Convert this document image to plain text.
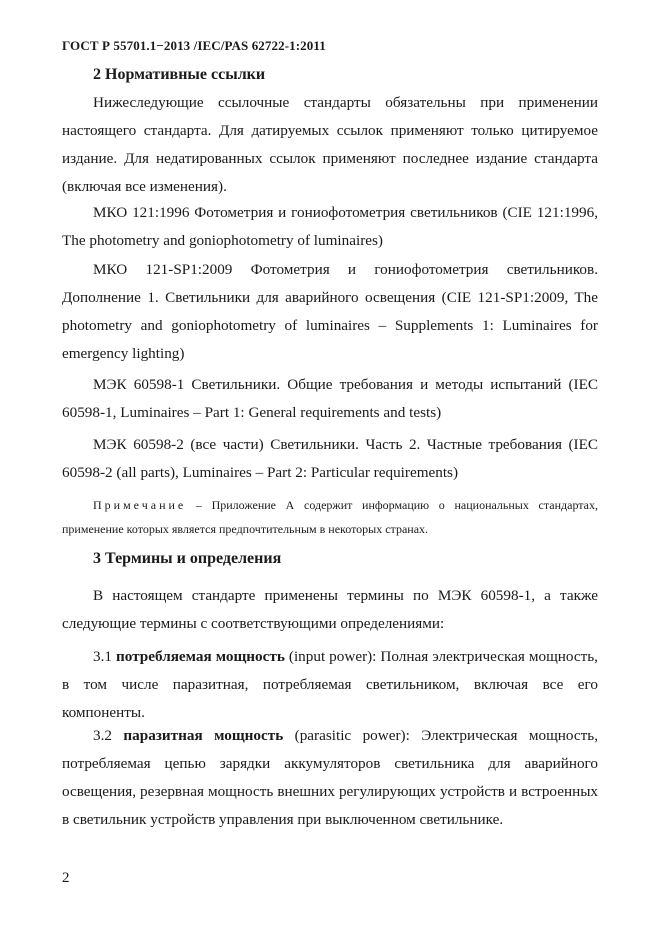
ГОСТ Р 55701.1−2013 /IEC/PAS 62722-1:2011
2 Нормативные ссылки
Нижеследующие ссылочные стандарты обязательны при применении настоящего стандарта. Для датируемых ссылок применяют только цитируемое издание. Для недатированных ссылок применяют последнее издание стандарта (включая все изменения).
МКО 121:1996 Фотометрия и гониофотометрия светильников (CIE 121:1996, The photometry and goniophotometry of luminaires)
МКО 121-SP1:2009 Фотометрия и гониофотометрия светильников. Дополнение 1. Светильники для аварийного освещения (CIE 121-SP1:2009, The photometry and goniophotometry of luminaires – Supplements 1: Luminaires for emergency lighting)
МЭК 60598-1 Светильники. Общие требования и методы испытаний (IEC 60598-1, Luminaires – Part 1: General requirements and tests)
МЭК 60598-2 (все части) Светильники. Часть 2. Частные требования (IEC 60598-2 (all parts), Luminaires – Part 2: Particular requirements)
Примечание – Приложение А содержит информацию о национальных стандартах, применение которых является предпочтительным в некоторых странах.
3 Термины и определения
В настоящем стандарте применены термины по МЭК 60598-1, а также следующие термины с соответствующими определениями:
3.1 потребляемая мощность (input power): Полная электрическая мощность, в том числе паразитная, потребляемая светильником, включая все его компоненты.
3.2 паразитная мощность (parasitic power): Электрическая мощность, потребляемая цепью зарядки аккумуляторов светильника для аварийного освещения, резервная мощность внешних регулирующих устройств и встроенных в светильник устройств управления при выключенном светильнике.
2
